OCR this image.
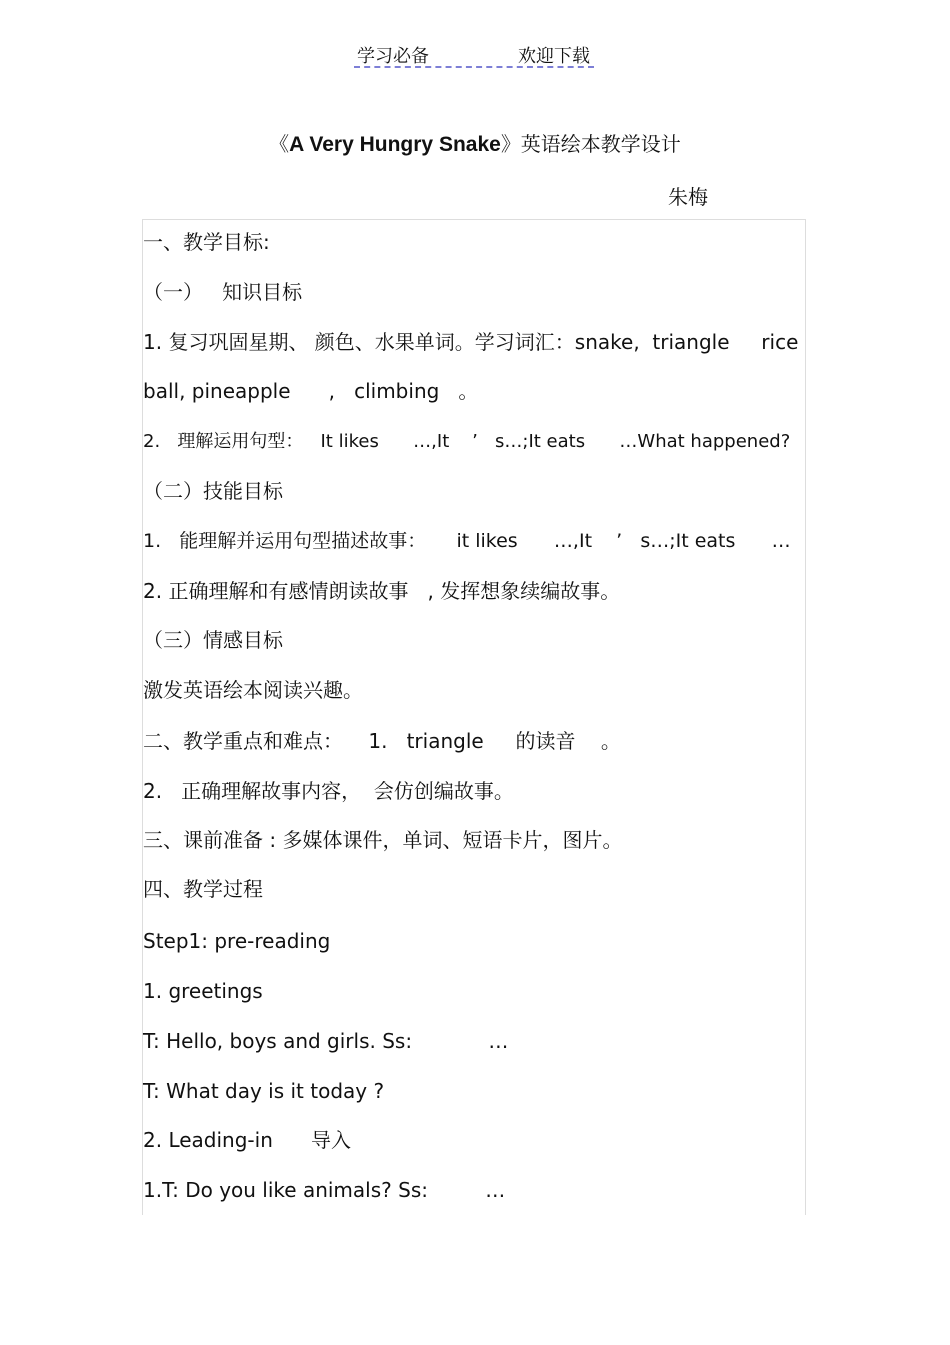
学习必备	欢迎下载
《A Very Hungry Snake》英语绘本教学设计
朱梅
一、教学目标:
（一）   知识目标
1. 复习巩固星期、 颜色、水果单词。学习词汇：snake,  triangle     rice
ball, pineapple      ,   climbing   。
2.   理解运用句型：   It likes      …,It    ’   s…;It eats      …What happened?
（二）技能目标
1.   能理解并运用句型描述故事：     it likes      …,It    ’   s…;It eats      …
2. 正确理解和有感情朗读故事   , 发挥想象续编故事。
（三）情感目标
激发英语绘本阅读兴趣。
二、教学重点和难点：    1.   triangle     的读音    。
2.   正确理解故事内容，  会仿创编故事。
三、课前准备 : 多媒体课件，单词、短语卡片，图片。
四、教学过程
Step1: pre-reading
1. greetings
T: Hello, boys and girls. Ss:            …
T: What day is it today ?
2. Leading-in      导入
1.T: Do you like animals? Ss:         …
